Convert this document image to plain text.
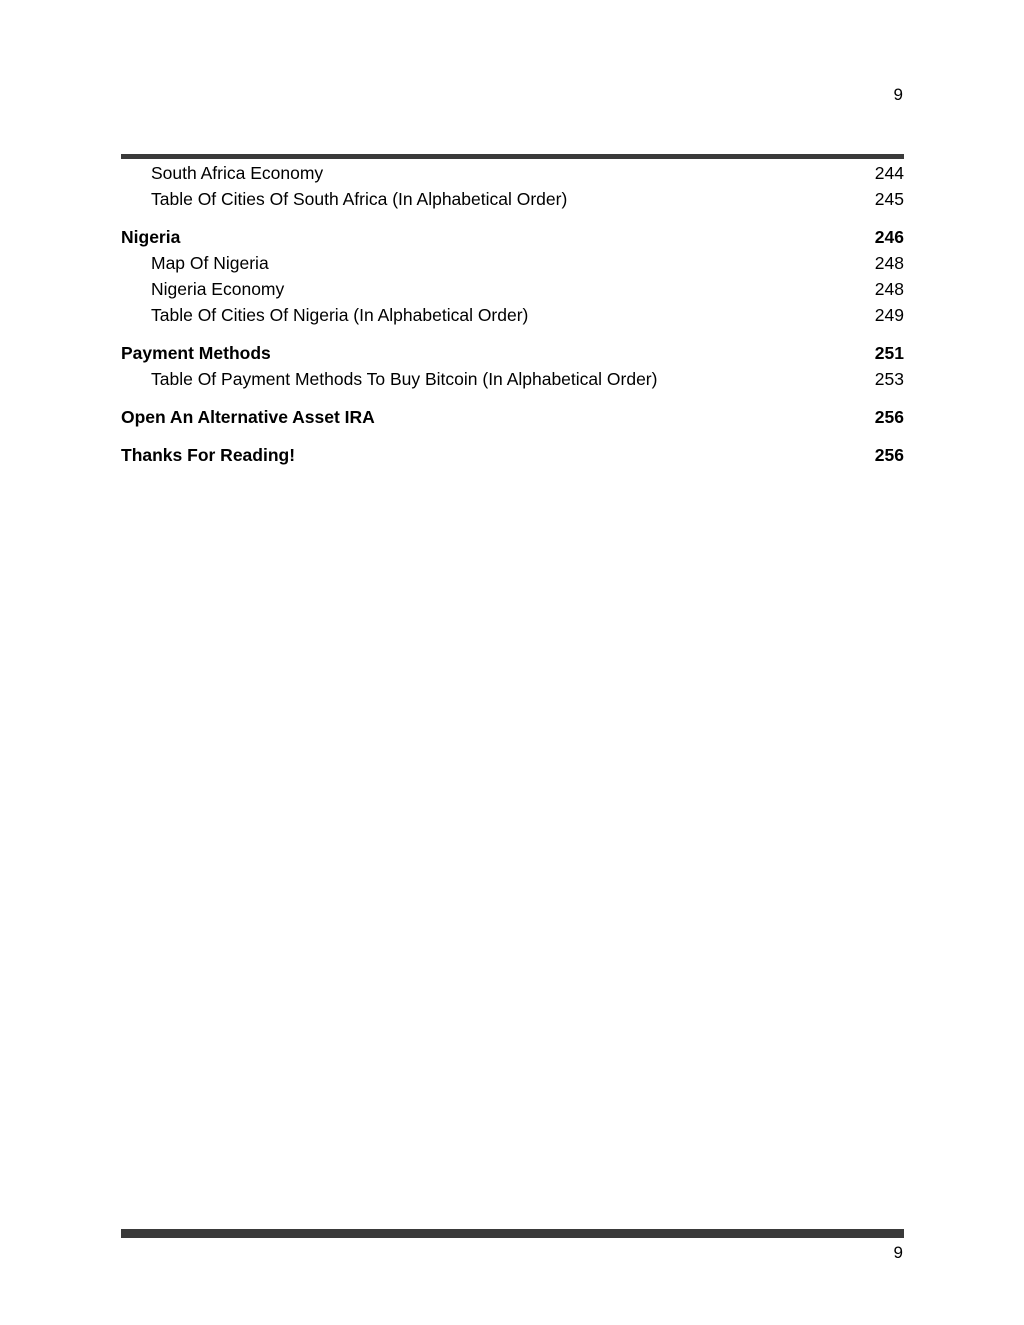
9
South Africa Economy	244
Table Of Cities Of South Africa (In Alphabetical Order)	245
Nigeria	246
Map Of Nigeria	248
Nigeria Economy	248
Table Of Cities Of Nigeria (In Alphabetical Order)	249
Payment Methods	251
Table Of Payment Methods To Buy Bitcoin (In Alphabetical Order)	253
Open An Alternative Asset IRA	256
Thanks For Reading!	256
9
